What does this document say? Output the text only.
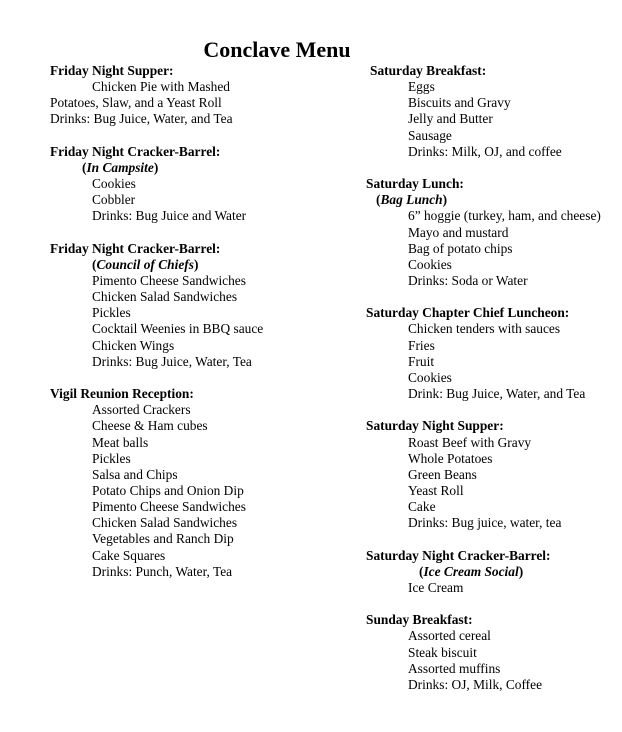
Conclave Menu
Friday Night Supper:
Chicken Pie with Mashed
Potatoes, Slaw, and a Yeast Roll
Drinks: Bug Juice, Water, and Tea
Friday Night Cracker-Barrel:
(In Campsite)
Cookies
Cobbler
Drinks: Bug Juice and Water
Friday Night Cracker-Barrel:
(Council of Chiefs)
Pimento Cheese Sandwiches
Chicken Salad Sandwiches
Pickles
Cocktail Weenies in BBQ sauce
Chicken Wings
Drinks: Bug Juice, Water, Tea
Vigil Reunion Reception:
Assorted Crackers
Cheese & Ham cubes
Meat balls
Pickles
Salsa and Chips
Potato Chips and Onion Dip
Pimento Cheese Sandwiches
Chicken Salad Sandwiches
Vegetables and Ranch Dip
Cake Squares
Drinks: Punch, Water, Tea
Saturday Breakfast:
Eggs
Biscuits and Gravy
Jelly and Butter
Sausage
Drinks: Milk, OJ, and coffee
Saturday Lunch:
(Bag Lunch)
6” hoggie (turkey, ham, and cheese)
Mayo and mustard
Bag of potato chips
Cookies
Drinks: Soda or Water
Saturday Chapter Chief Luncheon:
Chicken tenders with sauces
Fries
Fruit
Cookies
Drink: Bug Juice, Water, and Tea
Saturday Night Supper:
Roast Beef with Gravy
Whole Potatoes
Green Beans
Yeast Roll
Cake
Drinks: Bug juice, water, tea
Saturday Night Cracker-Barrel:
(Ice Cream Social)
Ice Cream
Sunday Breakfast:
Assorted cereal
Steak biscuit
Assorted muffins
Drinks: OJ, Milk, Coffee
